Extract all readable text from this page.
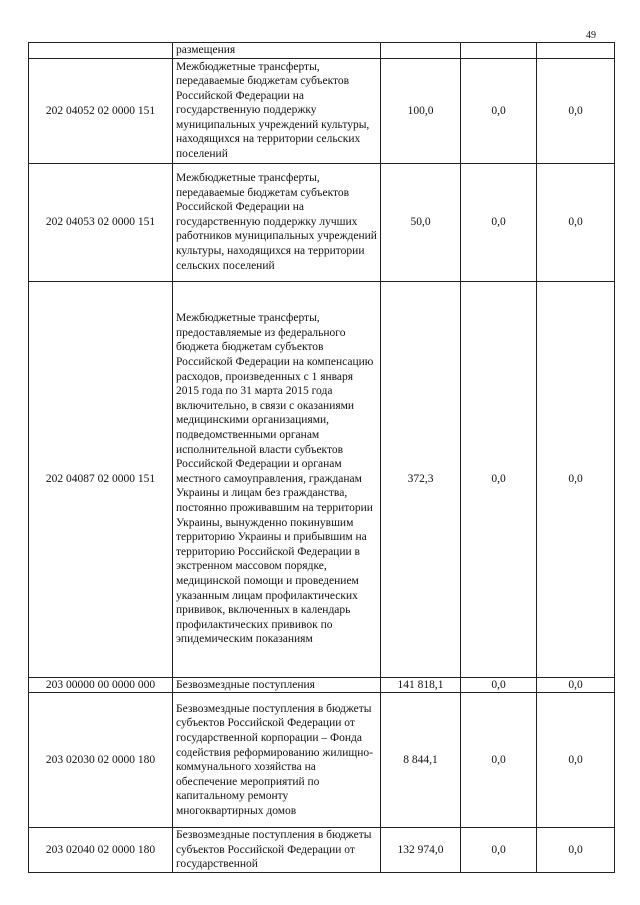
49
	размещения			
202 04052 02 0000 151	Межбюджетные трансферты, передаваемые бюджетам субъектов Российской Федерации на государственную поддержку муниципальных учреждений культуры, находящихся на территории сельских поселений	100,0	0,0	0,0
202 04053 02 0000 151	Межбюджетные трансферты, передаваемые бюджетам субъектов Российской Федерации на государственную поддержку лучших работников муниципальных учреждений культуры, находящихся на территории сельских поселений	50,0	0,0	0,0
202 04087 02 0000 151	Межбюджетные трансферты, предоставляемые из федерального бюджета бюджетам субъектов Российской Федерации на компенсацию расходов, произведенных с 1 января 2015 года по 31 марта 2015 года включительно, в связи с оказаниями медицинскими организациями, подведомственными органам исполнительной власти субъектов Российской Федерации и органам местного самоуправления, гражданам Украины и лицам без гражданства, постоянно проживавшим на территории Украины, вынужденно покинувшим территорию Украины и прибывшим на территорию Российской Федерации в экстренном массовом порядке, медицинской помощи и проведением указанным лицам профилактических прививок, включенных в календарь профилактических прививок по эпидемическим показаниям	372,3	0,0	0,0
203 00000 00 0000 000	Безвозмездные поступления	141 818,1	0,0	0,0
203 02030 02 0000 180	Безвозмездные поступления в бюджеты субъектов Российской Федерации от государственной корпорации – Фонда содействия реформированию жилищно-коммунального хозяйства на обеспечение мероприятий по капитальному ремонту многоквартирных домов	8 844,1	0,0	0,0
203 02040 02 0000 180	Безвозмездные поступления в бюджеты субъектов Российской Федерации от государственной	132 974,0	0,0	0,0
